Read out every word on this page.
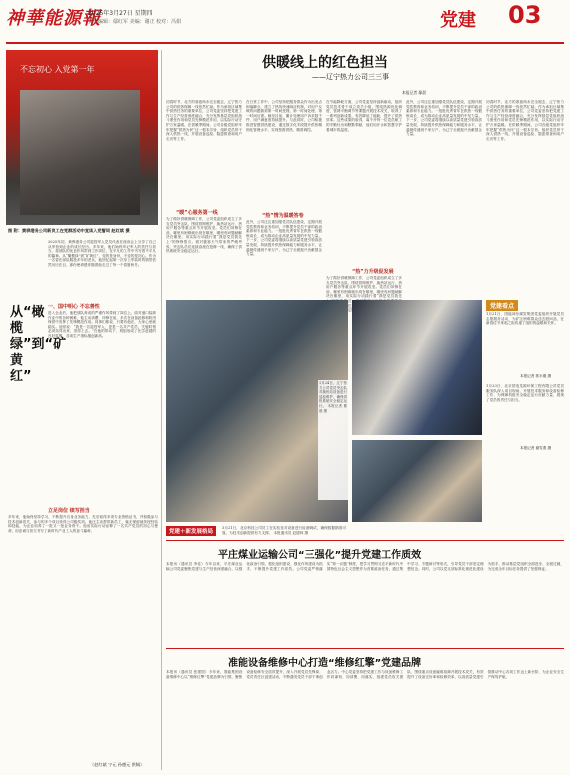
神華能源報
2025年3月27日 星期四
责任编辑：鄢红军 美编：谢正 校对：冯娟	党建 03
不忘初心 入党第一年
图 附：黄骅港务公司新员工在党群活动中宣读入党誓词 赵红斌 摄
2025年初，黄骅港务公司退役军人党员代表在座谈会上分享了自己从军营到企业的成长经历。多年来，他们始终牢记军人的责任与担当，将部队的优良作风带到工作岗位，在平凡的工作中书写着不平凡的篇章。从“橄榄绿”到“矿黄红”，变的是身份，不变的是初心。作为一名曾在部队服役多年的老兵，他回忆起第一次穿上军装时的情景依然历历在目，那份使命感伴随着他走过了每一个春夏秋冬。
从“橄榄绿”到“矿黄红”
一、国中明心 不忘善性
进入企业后，他把部队养成的严谨作风带到了岗位上。面对港口装卸作业中的各种困难，他主动请缨、冲锋在前，多次在设备抢修和防汛保供中发挥了先锋模范作用。同事们都说，只要有他在，大家心里就踏实。他常说：“我是一名退役军人，更是一名共产党员，关键时刻必须站得出来、顶得上去。”在他的带动下，班组形成了比学赶超的良好氛围，各项生产指标屡创新高。
立足岗位 续写担当
多年来，他始终坚持学习，不断提升自身业务能力，先后取得多项专业资格证书，并积极参与技术创新攻关，参与的多个项目获得公司级奖项。他还主动帮带新员工，毫无保留地传授经验和技能，为企业培养了一批又一批业务骨干。他用实际行动诠释了一名共产党员的初心与使命，用忠诚与担当书写了新时代产业工人的奋斗篇章。
（赵红斌 宁元 孙德元 供稿）
供暖线上的红色担当
——辽宁热力公司三三事
本报记者 鄢晨
初春时节，北方的寒意尚未完全褪去，辽宁热力公司的供热保障一线依然忙碌。作为承担区域集中供热任务的重要单位，公司党委坚持把党建工作与生产经营深度融合，充分发挥基层党组织战斗堡垒作用和党员先锋模范作用，以实际行动守护万家温暖。在供暖季期间，公司各级党组织牢牢把握“供热为民”这一根本宗旨，组织党员骨干深入供热一线，开展设备巡检、隐患排查和用户走访等工作。
“暖”心服务第一线
为了做好供暖保障工作，公司党委组织成立了多支党员突击队，围绕管网维护、换热站运行、热用户服务等重点环节开展攻坚。党员们冲锋在前，哪里有困难就出现在哪里，哪里有问题就解决在哪里，用实际行动践行着“我是党员我先上”的铮铮誓言。面对极寒天气带来的严峻考验，突击队员们连续奋战在抢修一线，确保了供热系统安全稳定运行。
在日常工作中，公司坚持把服务群众作为出发点和落脚点，建立了热线快速响应机制，对用户反映的问题做到第一时间受理、第一时间处理、第一时间反馈。截至目前，累计处理用户诉求数千件，用户满意度持续提升。与此同时，公司积极推进智慧供热建设，通过数字化手段提升供热精细化管理水平，实现按需供热、精准调控。
“热”情为温暖答卷
此外，公司还注重加强党员队伍建设，定期开展党性教育和业务培训，不断提升党员干部的政治素养和专业能力。一批批优秀青年在供热一线锻炼成长，成为推动企业高质量发展的中坚力量。下一步，公司党委将继续以高质量党建引领高质量发展，持续提升供热保障能力和服务水平，让温暖传递到千家万户，为辽宁全面振兴贡献国企力量。
在节能降耗方面，公司党委坚持创新驱动，组织党员技术骨干成立攻关小组，围绕热源优化调度、管网平衡调节等课题开展技术攻关，取得了一系列创新成果，有效降低了能耗，提升了供热效率。这些成果的取得，离不开每一位党员职工的辛勤付出和默默奉献，他们用汗水和智慧守护着城市的温度。
“热”力升级促发展
为了做好供暖保障工作，公司党委组织成立了多支党员突击队，围绕管网维护、换热站运行、热用户服务等重点环节开展攻坚。党员们冲锋在前，哪里有困难就出现在哪里，哪里有问题就解决在哪里，用实际行动践行着“我是党员我先上”的铮铮誓言。面对极寒 们 定
此外，公司还注重加强党员队伍建设，定期开展党性教育和业务培训，不断提升党员干部的政治素养和专业能力。一批批优秀青年在供热一线锻炼成长，成为推动企业高质量发展的中坚力量。下一步，公司党委将继续以高质量党建引领高质量发展，持续提升供热保障能力和服务水平，让温暖传递到千家万户，为辽宁全面振兴贡献国企力量。
初春时节，北方的寒意尚未完全褪去，辽宁热力公司的供热保障一线依然忙碌。作为承担区域集中供热任务的重要单位，公司党委坚持把党建工作与生产经营深度融合，充分发挥基层党组织战斗堡垒作用和党员先锋模范作用，以实际行动守护万家温暖。在供暖季期间，公司各级党组织牢牢把握“供热为民”这一根本宗旨，组织党员骨干深入供热一线，开展设备巡检、隐患排查和用户走访等工作。
1月24日，辽宁热力公司党员突击队对换热站设备进行巡检维护，确保供热系统安全稳定运行。 本报记者 鄢晨 摄
党建看点
1月21日，国能神东煤炭集团党委组织开展党员志愿服务活动，为矿区困难群众送去慰问品，在新春佳节来临之际传递了组织的温暖和关怀。
本报记者 郭永刚 摄
1月23日，北京国电龙源环保工程有限公司党员服务队深入项目现场，开展技术服务和设备检修工作，为保障机组安全稳定运行贡献力量，展现了党员的责任与担当。
本报记者 谢雪燕 摄
党建＋新发展格局
3月21日，北京科技公司员工在实验室对设备进行检测调试，确保数据精准可靠，为技术创新提供有力支撑。 本报通讯员 赵德林 摄
平庄煤业运输公司“三强化”提升党建工作质效
本报讯（通讯员 李佳）今年以来，平庄煤业运输公司党委聚焦党建与生产经营深度融合，以强化政治引领、强化组织建设、强化作风建设为抓手，不断提升党建工作质效。公司党委严格落实“第一议题”制度，把学习贯彻习近平新时代中国特色社会主义思想作为首要政治任务，通过集中学习、专题研讨等形式，引导党员干部坚定理想信念。同时，公司以党支部标准化规范化建设为抓手，推动基层党组织全面进步、全面过硬，为完成全年目标任务提供了坚强保证。
准能设备维修中心打造“维修红擎”党建品牌
本报讯（通讯员 张建国）今年来，准能集团设备维修中心以“维修红擎”党建品牌为引领，聚焦设备检修安全质效提升，深入开展党员先锋岗、党员责任区创建活动，不断激发党员干部干事创业活力。中心党委坚持把党建工作与设备维修工作同谋划、同部署、同落实，组建党员攻关团队，围绕重点设备疑难故障开展技术攻关，有效提升了设备完好率和检修效率，以高质量党建引领推动中心各项工作迈上新台阶，为企业安全生产保驾护航。
